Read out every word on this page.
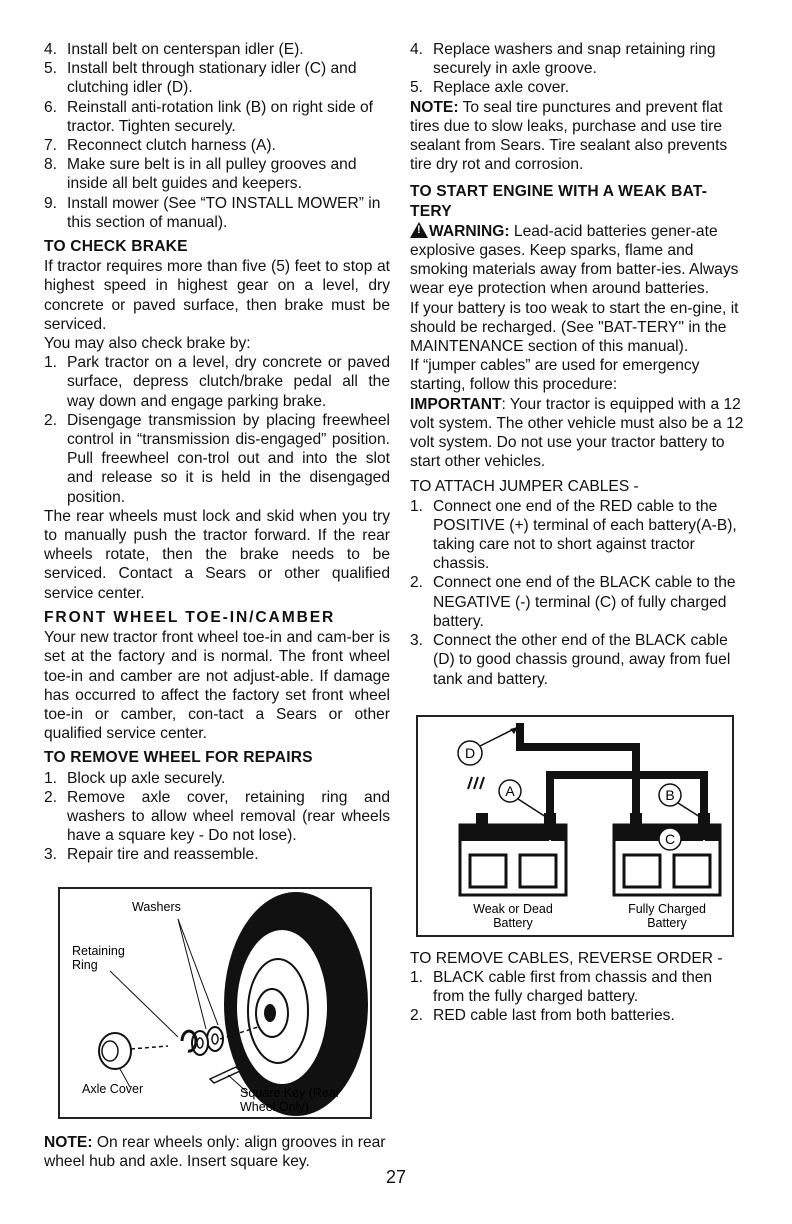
4. Install belt on centerspan idler (E).
5. Install belt through stationary idler (C) and clutching idler (D).
6. Reinstall anti-rotation link (B) on right side of tractor. Tighten securely.
7. Reconnect clutch harness (A).
8. Make sure belt is in all pulley grooves and inside all belt guides and keepers.
9. Install mower (See “TO INSTALL MOWER” in this section of manual).
TO CHECK BRAKE

If tractor requires more than five (5) feet to stop at highest speed in highest gear on a level, dry concrete or paved surface, then brake must be serviced.

You may also check brake by:

1. Park tractor on a level, dry concrete or paved surface, depress clutch/brake pedal all the way down and engage parking brake.
2. Disengage transmission by placing freewheel control in “transmission dis-engaged” position. Pull freewheel con-trol out and into the slot and release so it is held in the disengaged position.

The rear wheels must lock and skid when you try to manually push the tractor forward. If the rear wheels rotate, then the brake needs to be serviced. Contact a Sears or other qualified service center.

FRONT WHEEL TOE-IN/CAMBER

Your new tractor front wheel toe-in and cam-ber is set at the factory and is normal. The front wheel toe-in and camber are not adjust-able. If damage has occurred to affect the factory set front wheel toe-in or camber, con-tact a Sears or other qualified service center.

TO REMOVE WHEEL FOR REPAIRS
1. Block up axle securely.
2. Remove axle cover, retaining ring and washers to allow wheel removal (rear wheels have a square key - Do not lose).
3. Repair tire and reassemble.
Washers
Retaining
Ring
Axle Cover	Square Key (Rear
Wheel Only)

NOTE: On rear wheels only: align grooves in rear wheel hub and axle. Insert square key.

4. Replace washers and snap retaining ring securely in axle groove.
5. Replace axle cover.

NOTE: To seal tire punctures and prevent flat tires due to slow leaks, purchase and use tire sealant from Sears. Tire sealant also prevents tire dry rot and corrosion.

TO START ENGINE WITH A WEAK BAT-TERY

!WARNING: Lead-acid batteries gener-ate explosive gases. Keep sparks, flame and smoking materials away from batter-ies. Always wear eye protection when around batteries.

If your battery is too weak to start the en-gine, it should be recharged. (See "BAT-TERY" in the MAINTENANCE section of this manual).

If “jumper cables” are used for emergency starting, follow this procedure:

IMPORTANT: Your tractor is equipped with a 12 volt system. The other vehicle must also be a 12 volt system. Do not use your tractor battery to start other vehicles.

TO ATTACH JUMPER CABLES -

1. Connect one end of the RED cable to the POSITIVE (+) terminal of each battery(A-B), taking care not to short against tractor chassis.
2. Connect one end of the BLACK cable to the NEGATIVE (-) terminal (C) of fully charged battery.
3. Connect the other end of the BLACK cable (D) to good chassis ground, away from fuel tank and battery.
D
A	B
C
–	+	–	+
Weak or Dead
Battery
Fully Charged
Battery

TO REMOVE CABLES, REVERSE ORDER -

1. BLACK cable first from chassis and then from the fully charged battery.
2. RED cable last from both batteries.
27
